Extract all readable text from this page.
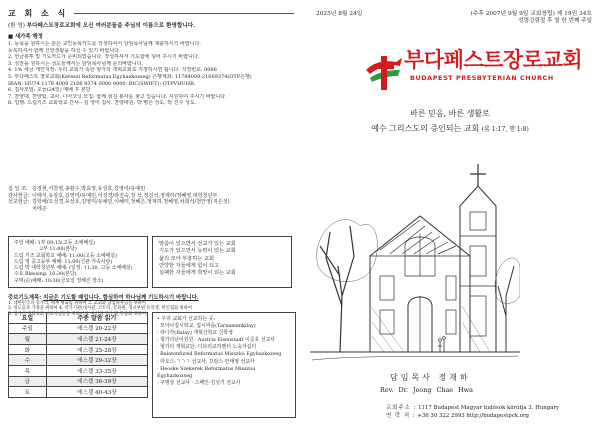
교 회 소 식
(환 영) 부다페스트장로교회에 오신 여러분들을 주님의 이름으로 환영합니다.
■ 새가족 행정
1. 등록을 원하시는 분은 교인등록카드를 작성하셔서 담임목사님께 제출하시기 바랍니다.
등록하셔서 함께 신앙생활을 하실 수 있기 바랍니다.
2. 헌금봉투 및 기도카드가 준비되었습니다. 작성하셔서 기도함에 넣어 주시기 바랍니다.
3. 성찬을 원하시는 성도들께서는 담임목사님께 문의바랍니다.
4. 1% 세금 개인지정: 우리 교회가 속한 헝가리 개혁교회로 지정하시면 됩니다. 지정번호: 0066
5. 부다페스트 장로교회(Kereszi Reformatus Egyhazkozseg) 은행계좌: 11784009-21669374(OTP은행)
IBAN: HU74 1178 4009 2166 9374 0000 0000, BIC(SWIFT): OTPVHUHB.
6. 집사모임: 오늘(24일) 예배 후 본당
7. 찬양대, 찬양팀, 교사, 디아코닝 모집: 함께 섬김 봉사를 찾고 있습니다. 지원하여 주시기 바랍니다.
8. 업행: 드림키즈 교회학교 간사-- 김 영미 집사. 찬양대원: 박 병은 성도, 박 진수 성도.
십 일 조: 김정현,서찬영,송할수,박효정,유상호,김영미/유예민
감사헌금: 이태식,유상호,김영미/유예민,이성경/라진숙,장 석,정진석,정재하/정혜영,대학청년부
선교헌금: 김학배/오성경,유상호,김영미/유예민,이혜미,정혜은,정재하,정혜영,차희석/천안영(지은성)
치에곤
주일 예배: 1부 09:15(고등 소예배실)
2부 11:00(본당)
드림 키즈 교회학교 예배: 11:00(고등 소예배실)
드림 영 중고등부 예배: 11:00(신관 가속사랑)
드림 박 대학청년부 예배: (일정, 11:30, 고등 소예배실)
수요 Blessing: 10:30(본당)
구역(순)예배: 10:30(금요일 정해진 장소)
말씀이 있으면서 선교가 있는 교회
기도가 있으면서 능력이 있는 교회
삶의 모아 부흥하는 교회
연약한 자들에게 힘이 되고
실패한 자들에게 희망이 되는 교회
중보기도제목: 지금은 기도할 때입니다. 합심하여 하나님께 기도하시기 바랍니다.
1. 대한민국과 헝가리, 세계 평화를 위하여 2. 교회와 담임목사님을 위하여
3. 성도들과 가정을 위하여 4. 약가기관(대사관, 코트라, 문화원, 정시부원 유학생, 한인협회 위하여
5. 헝가리 개혁교회 선교사님들을 위하여 6. 한인과 헝가 땅 복음화 위하여
요일	주중 말씀 읽기
주일	에스겔 20-22장
월	에스겔 21-24장
화	에스겔 25-28장
수	에스겔 29-32장
목	에스겔 33-35장
금	에스겔 36-39장
토	에스겔 40-43장
• 우리 교회가 선교하는 곳:
· 모아나집시학교, 집시마을(Tarnamenkilay)
· 라디카(Balay) 개혁신학교 신학생
· 헝가리난이원원 · Austria Eisenstadt 이준호 선교사
· 헝가리 개혁교단, 디브리교하멘터 노숙자쉼터
· Balatonfured Reformatus Misszioi Egyhazkozseg
· 라오스-ㄱㄱㄱ 선교사, 프랑스-안태영 선교사
· Heoske Szekerek Reformatus Misszioi Egyhazkozseg
· 구명상 선교사 · 스페인-김성기 선교사
2025년 8월 24일	(주후 2007년 9월 9일 교회창립) 제 19권 34호
성령강림절 후 열 한 번째 주일
부다페스트장로교회
BUDAPEST PRESBYTERIAN CHURCH
바른 믿음, 바른 생활로
예수 그리스도의 증인되는 교회 (롬 1:17, 행 1:8)
담임목사 정재하
Rev. Dr. Jeong Chae Hwa
교회주소 : 1117 Budapest Magyar tudósok körútja 3. Hungary
연 락 처 : +36 30 322 2993 http://budapestpck.org
